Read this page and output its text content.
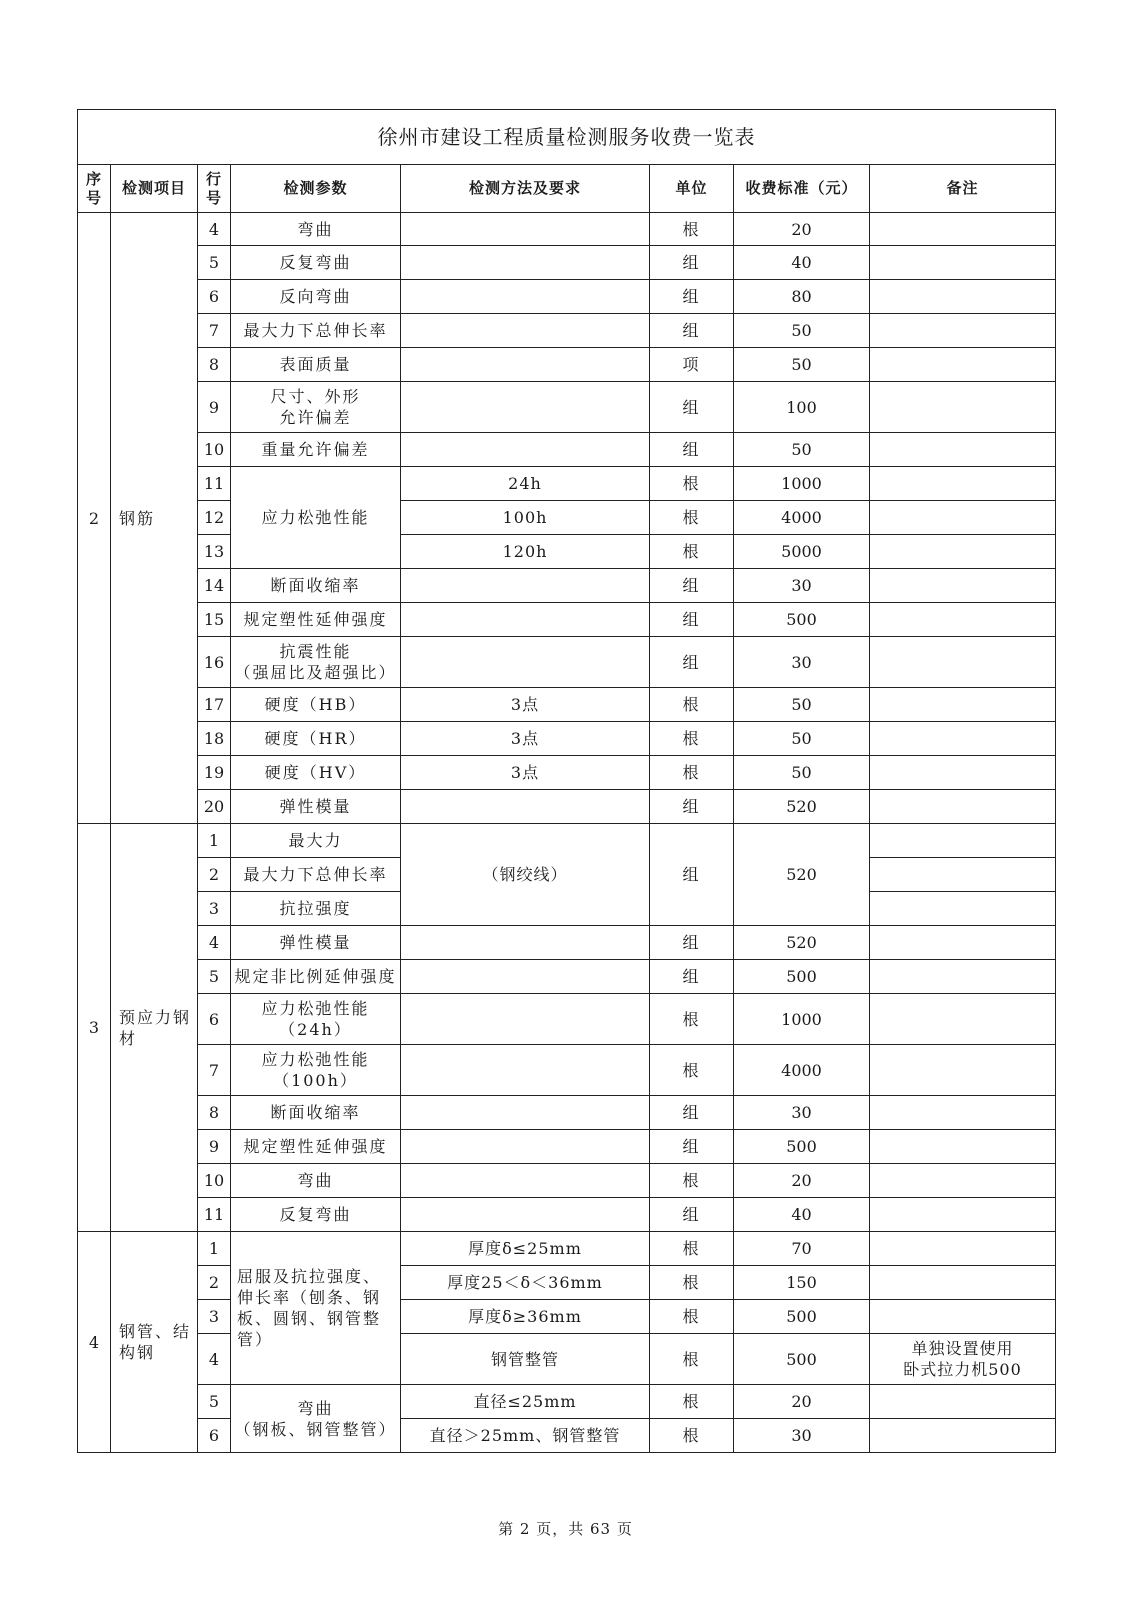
徐州市建设工程质量检测服务收费一览表							
序
号	检测项目	行
号	检测参数	检测方法及要求	单位	收费标准（元）	备注
2	钢筋	4	弯曲		根	20	
		5	反复弯曲		组	40	
		6	反向弯曲		组	80	
		7	最大力下总伸长率		组	50	
		8	表面质量		项	50	
		9	尺寸、外形
允许偏差		组	100	
		10	重量允许偏差		组	50	
		11	应力松弛性能	24h	根	1000	
		12		100h	根	4000	
		13		120h	根	5000	
		14	断面收缩率		组	30	
		15	规定塑性延伸强度		组	500	
		16	抗震性能
（强屈比及超强比）		组	30	
		17	硬度（HB）	3点	根	50	
		18	硬度（HR）	3点	根	50	
		19	硬度（HV）	3点	根	50	
		20	弹性模量		组	520	
3	预应力钢
材	1	最大力	（钢绞线）	组	520	
		2	最大力下总伸长率				
		3	抗拉强度				
		4	弹性模量		组	520	
		5	规定非比例延伸强度		组	500	
		6	应力松弛性能
（24h）		根	1000	
		7	应力松弛性能
（100h）		根	4000	
		8	断面收缩率		组	30	
		9	规定塑性延伸强度		组	500	
		10	弯曲		根	20	
		11	反复弯曲		组	40	
4	钢管、结
构钢	1	屈服及抗拉强度、伸长率（刨条、钢板、圆钢、钢管整管）	厚度δ≤25mm	根	70	
		2		厚度25＜δ＜36mm	根	150	
		3		厚度δ≥36mm	根	500	
		4		钢管整管	根	500	单独设置使用
卧式拉力机500
		5	弯曲
（钢板、钢管整管）	直径≤25mm	根	20	
		6		直径＞25mm、钢管整管	根	30	
第 2 页，共 63 页
